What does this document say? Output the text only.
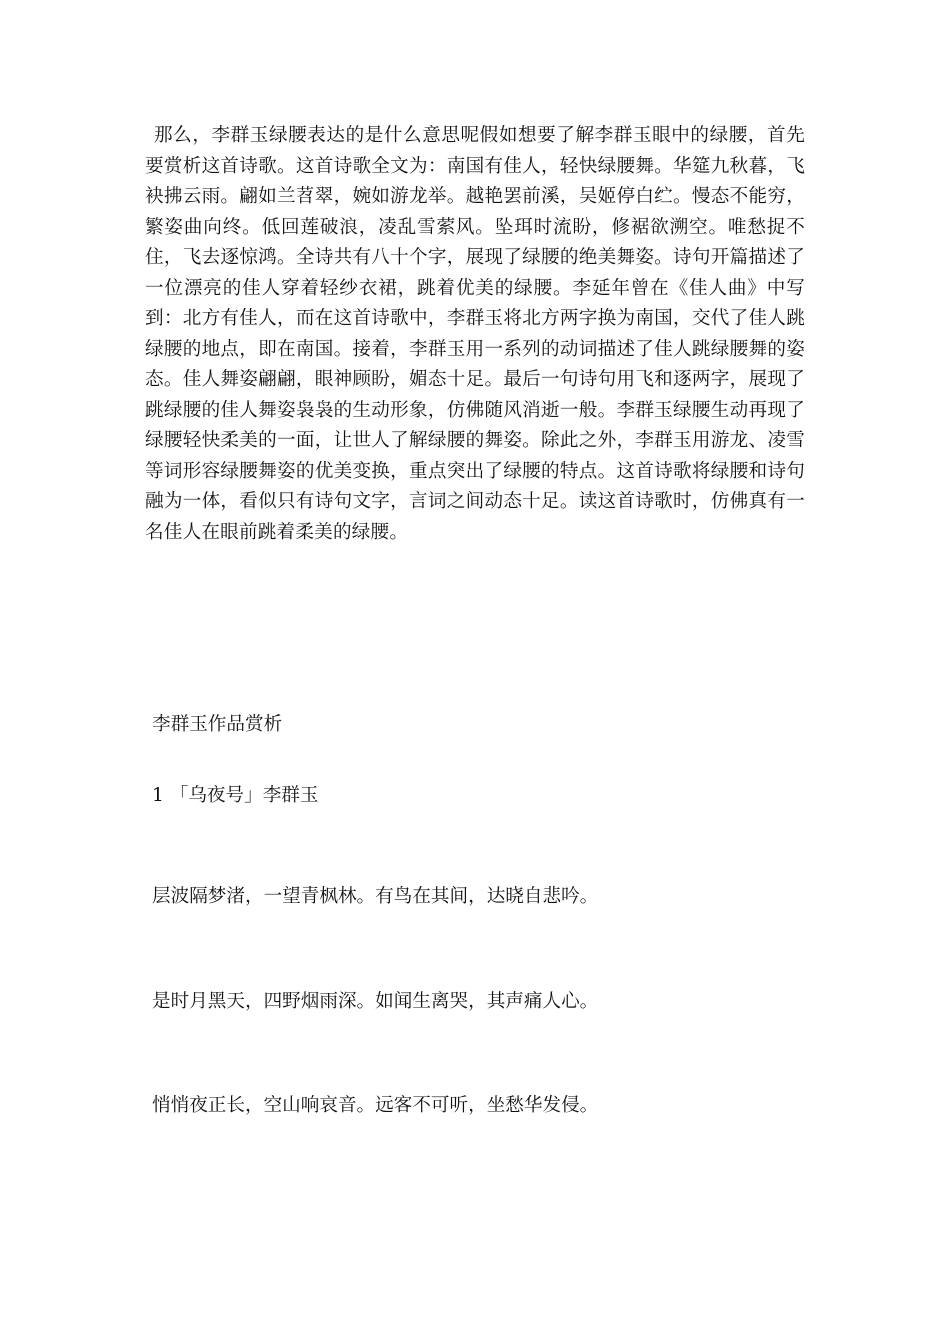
那么，李群玉绿腰表达的是什么意思呢假如想要了解李群玉眼中的绿腰，首先要赏析这首诗歌。这首诗歌全文为：南国有佳人，轻快绿腰舞。华筵九秋暮，飞袂拂云雨。翩如兰苕翠，婉如游龙举。越艳罢前溪，吴姬停白纻。慢态不能穷，繁姿曲向终。低回莲破浪，凌乱雪萦风。坠珥时流盼，修裾欲溯空。唯愁捉不住，飞去逐惊鸿。全诗共有八十个字，展现了绿腰的绝美舞姿。诗句开篇描述了一位漂亮的佳人穿着轻纱衣裙，跳着优美的绿腰。李延年曾在《佳人曲》中写到：北方有佳人，而在这首诗歌中，李群玉将北方两字换为南国，交代了佳人跳绿腰的地点，即在南国。接着，李群玉用一系列的动词描述了佳人跳绿腰舞的姿态。佳人舞姿翩翩，眼神顾盼，媚态十足。最后一句诗句用飞和逐两字，展现了跳绿腰的佳人舞姿袅袅的生动形象，仿佛随风消逝一般。李群玉绿腰生动再现了绿腰轻快柔美的一面，让世人了解绿腰的舞姿。除此之外，李群玉用游龙、凌雪等词形容绿腰舞姿的优美变换，重点突出了绿腰的特点。这首诗歌将绿腰和诗句融为一体，看似只有诗句文字，言词之间动态十足。读这首诗歌时，仿佛真有一名佳人在眼前跳着柔美的绿腰。

李群玉作品赏析

1 「乌夜号」李群玉

层波隔梦渚，一望青枫林。有鸟在其间，达晓自悲吟。

是时月黑天，四野烟雨深。如闻生离哭，其声痛人心。

悄悄夜正长，空山响哀音。远客不可听，坐愁华发侵。
